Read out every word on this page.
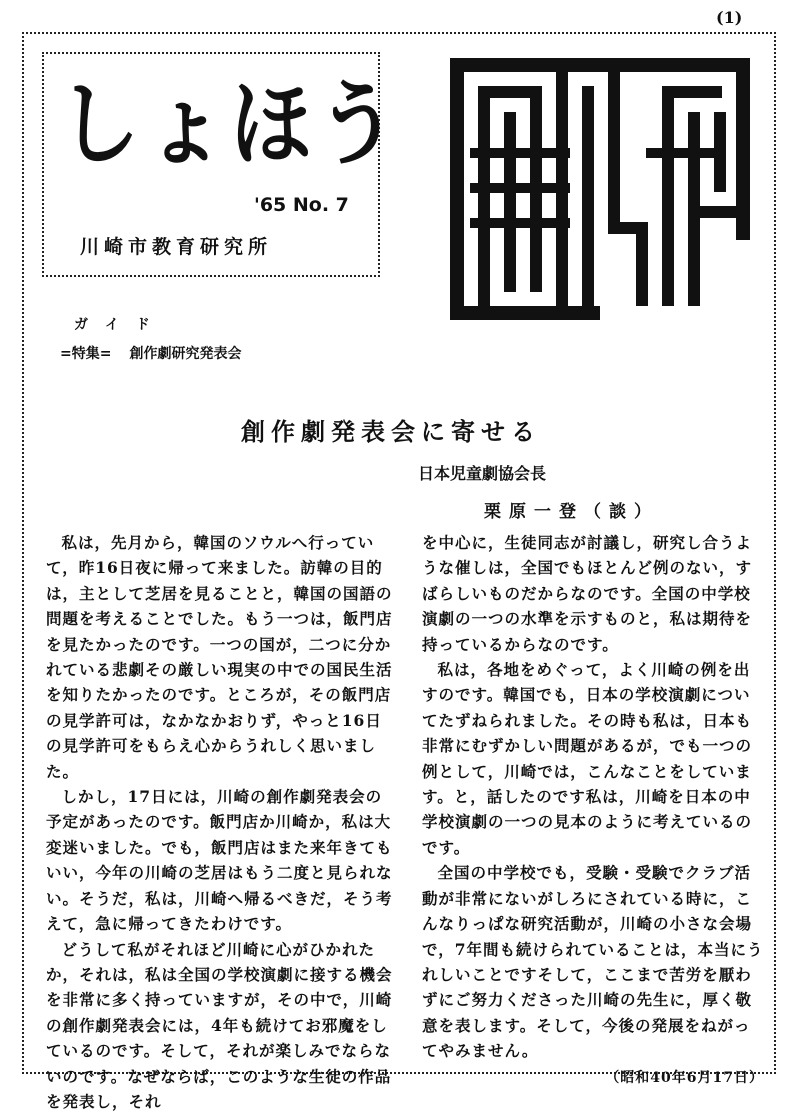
(1)
しょほう
'65 No. 7
川崎市教育研究所
ガ イ ド
=特集= 創作劇研究発表会
創作劇発表会に寄せる
日本児童劇協会長
栗原一登（談）

私は，先月から，韓国のソウルへ行っていて，昨16日夜に帰って来ました。訪韓の目的は，主として芝居を見ることと，韓国の国語の問題を考えることでした。もう一つは，飯門店を見たかったのです。一つの国が，二つに分かれている悲劇その厳しい現実の中での国民生活を知りたかったのです。ところが，その飯門店の見学許可は，なかなかおりず，やっと16日の見学許可をもらえ心からうれしく思いました。

しかし，17日には，川崎の創作劇発表会の予定があったのです。飯門店か川崎か，私は大変迷いました。でも，飯門店はまた来年きてもいい，今年の川崎の芝居はもう二度と見られない。そうだ，私は，川崎へ帰るべきだ，そう考えて，急に帰ってきたわけです。

どうして私がそれほど川崎に心がひかれたか，それは，私は全国の学校演劇に接する機会を非常に多く持っていますが，その中で，川崎の創作劇発表会には，4年も続けてお邪魔をしているのです。そして，それが楽しみでならないのです。なぜならば，このような生徒の作品を発表し，それ

を中心に，生徒同志が討議し，研究し合うような催しは，全国でもほとんど例のない，すばらしいものだからなのです。全国の中学校演劇の一つの水準を示すものと，私は期待を持っているからなのです。

私は，各地をめぐって，よく川崎の例を出すのです。韓国でも，日本の学校演劇についてたずねられました。その時も私は，日本も非常にむずかしい問題があるが，でも一つの例として，川崎では，こんなことをしています。と，話したのです私は，川崎を日本の中学校演劇の一つの見本のように考えているのです。

全国の中学校でも，受験・受験でクラブ活動が非常にないがしろにされている時に，こんなりっぱな研究活動が，川崎の小さな会場で，7年間も続けられていることは，本当にうれしいことですそして，ここまで苦労を厭わずにご努力くださった川崎の先生に，厚く敬意を表します。そして，今後の発展をねがってやみません。

（昭和40年6月17日）
